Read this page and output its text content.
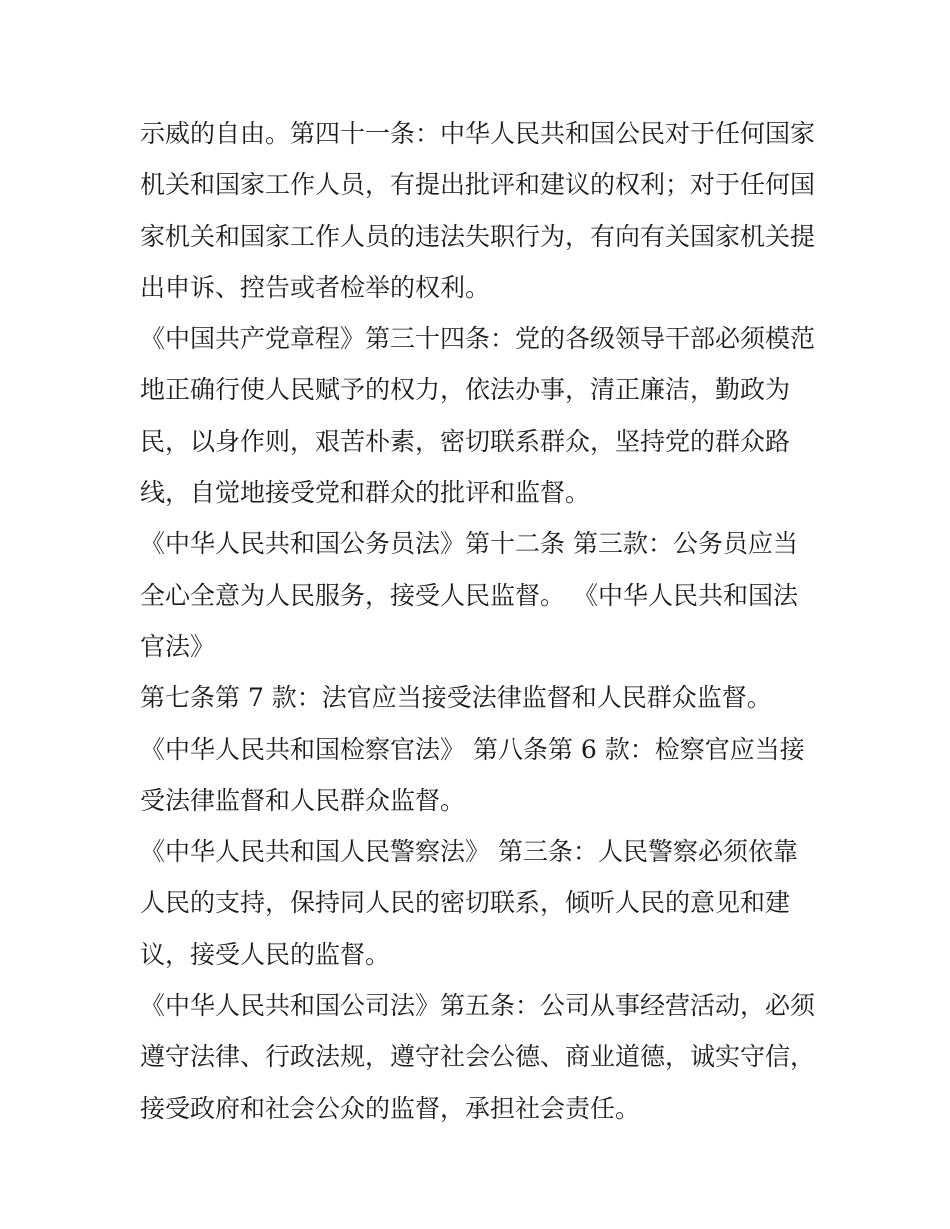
示威的自由。第四十一条：中华人民共和国公民对于任何国家
机关和国家工作人员，有提出批评和建议的权利；对于任何国
家机关和国家工作人员的违法失职行为，有向有关国家机关提
出申诉、控告或者检举的权利。
《中国共产党章程》第三十四条：党的各级领导干部必须模范
地正确行使人民赋予的权力，依法办事，清正廉洁，勤政为
民，以身作则，艰苦朴素，密切联系群众，坚持党的群众路
线，自觉地接受党和群众的批评和监督。
《中华人民共和国公务员法》第十二条 第三款：公务员应当
全心全意为人民服务，接受人民监督。 《中华人民共和国法
官法》
第七条第 7 款：法官应当接受法律监督和人民群众监督。
《中华人民共和国检察官法》 第八条第 6 款：检察官应当接
受法律监督和人民群众监督。
《中华人民共和国人民警察法》 第三条：人民警察必须依靠
人民的支持，保持同人民的密切联系，倾听人民的意见和建
议，接受人民的监督。
《中华人民共和国公司法》第五条：公司从事经营活动，必须
遵守法律、行政法规，遵守社会公德、商业道德，诚实守信，
接受政府和社会公众的监督，承担社会责任。
